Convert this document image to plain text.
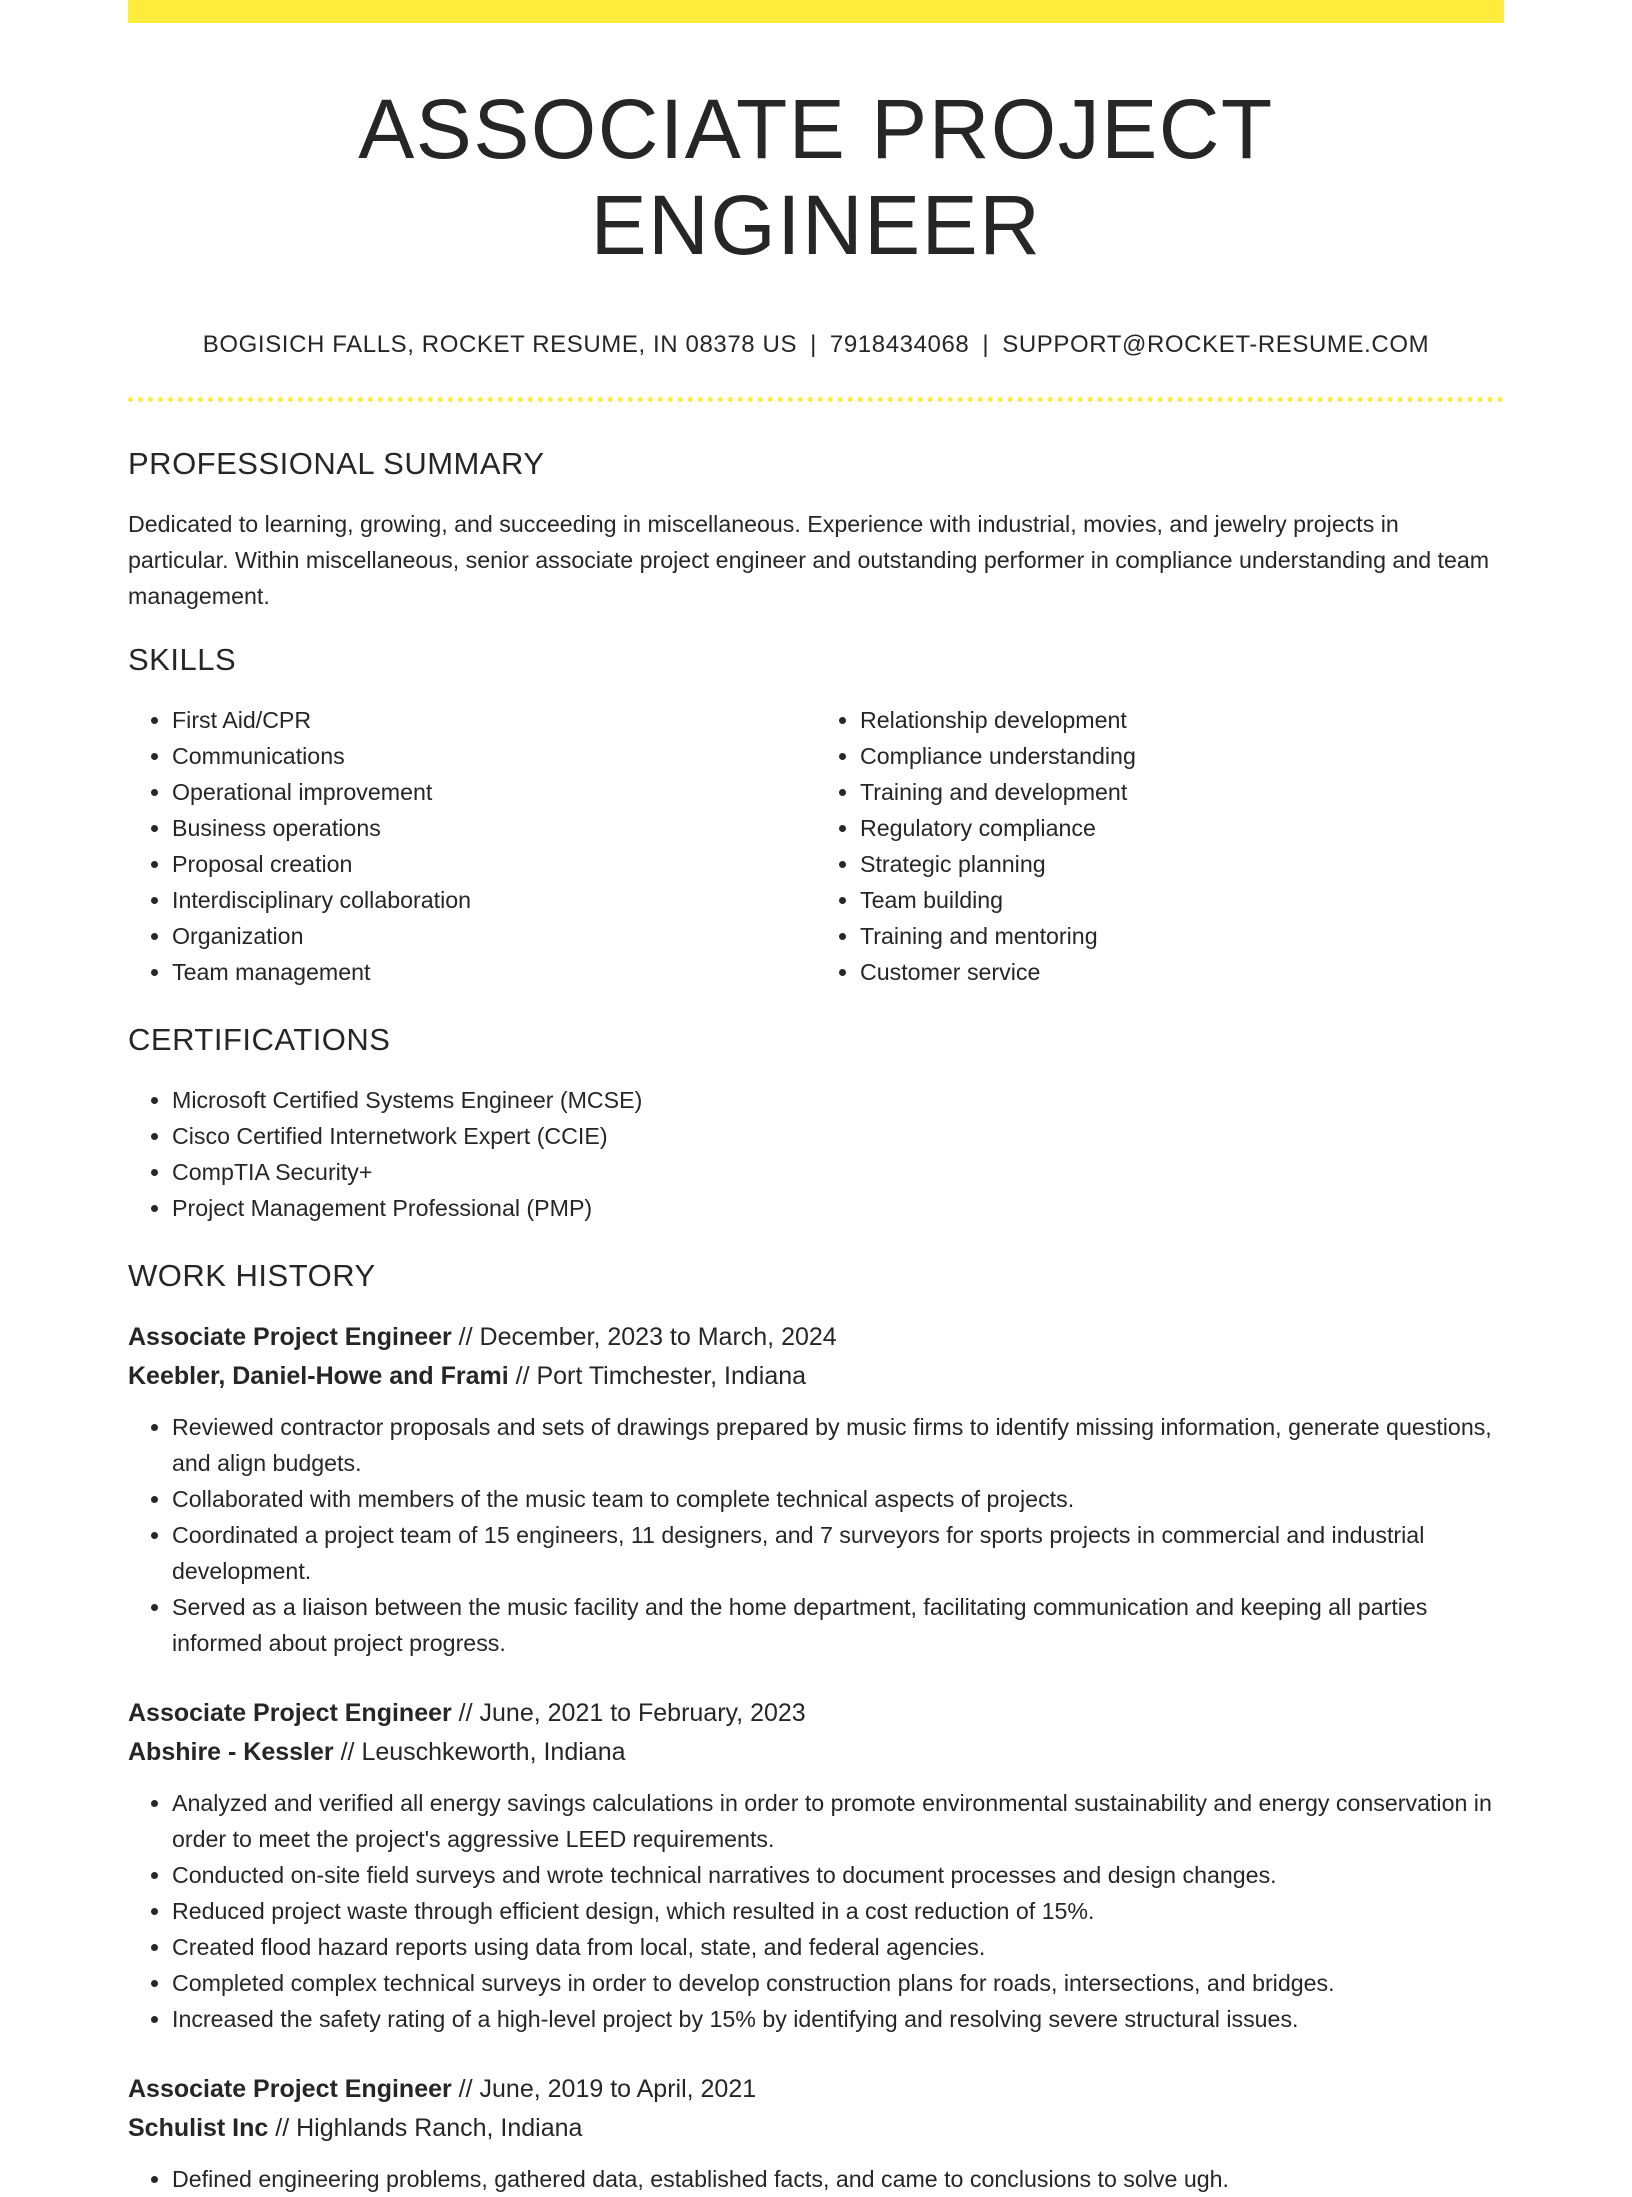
ASSOCIATE PROJECT ENGINEER
BOGISICH FALLS, ROCKET RESUME, IN 08378 US | 7918434068 | SUPPORT@ROCKET-RESUME.COM
PROFESSIONAL SUMMARY

Dedicated to learning, growing, and succeeding in miscellaneous. Experience with industrial, movies, and jewelry projects in particular. Within miscellaneous, senior associate project engineer and outstanding performer in compliance understanding and team management.

SKILLS
• First Aid/CPR
• Communications
• Operational improvement
• Business operations
• Proposal creation
• Interdisciplinary collaboration
• Organization
• Team management
• Relationship development
• Compliance understanding
• Training and development
• Regulatory compliance
• Strategic planning
• Team building
• Training and mentoring
• Customer service
CERTIFICATIONS
• Microsoft Certified Systems Engineer (MCSE)
• Cisco Certified Internetwork Expert (CCIE)
• CompTIA Security+
• Project Management Professional (PMP)
WORK HISTORY
Associate Project Engineer // December, 2023 to March, 2024
Keebler, Daniel-Howe and Frami // Port Timchester, Indiana
• Reviewed contractor proposals and sets of drawings prepared by music firms to identify missing information, generate questions, and align budgets.
• Collaborated with members of the music team to complete technical aspects of projects.
• Coordinated a project team of 15 engineers, 11 designers, and 7 surveyors for sports projects in commercial and industrial development.
• Served as a liaison between the music facility and the home department, facilitating communication and keeping all parties informed about project progress.
Associate Project Engineer // June, 2021 to February, 2023
Abshire - Kessler // Leuschkeworth, Indiana
• Analyzed and verified all energy savings calculations in order to promote environmental sustainability and energy conservation in order to meet the project's aggressive LEED requirements.
• Conducted on-site field surveys and wrote technical narratives to document processes and design changes.
• Reduced project waste through efficient design, which resulted in a cost reduction of 15%.
• Created flood hazard reports using data from local, state, and federal agencies.
• Completed complex technical surveys in order to develop construction plans for roads, intersections, and bridges.
• Increased the safety rating of a high-level project by 15% by identifying and resolving severe structural issues.
Associate Project Engineer // June, 2019 to April, 2021
Schulist Inc // Highlands Ranch, Indiana
• Defined engineering problems, gathered data, established facts, and came to conclusions to solve ugh.
